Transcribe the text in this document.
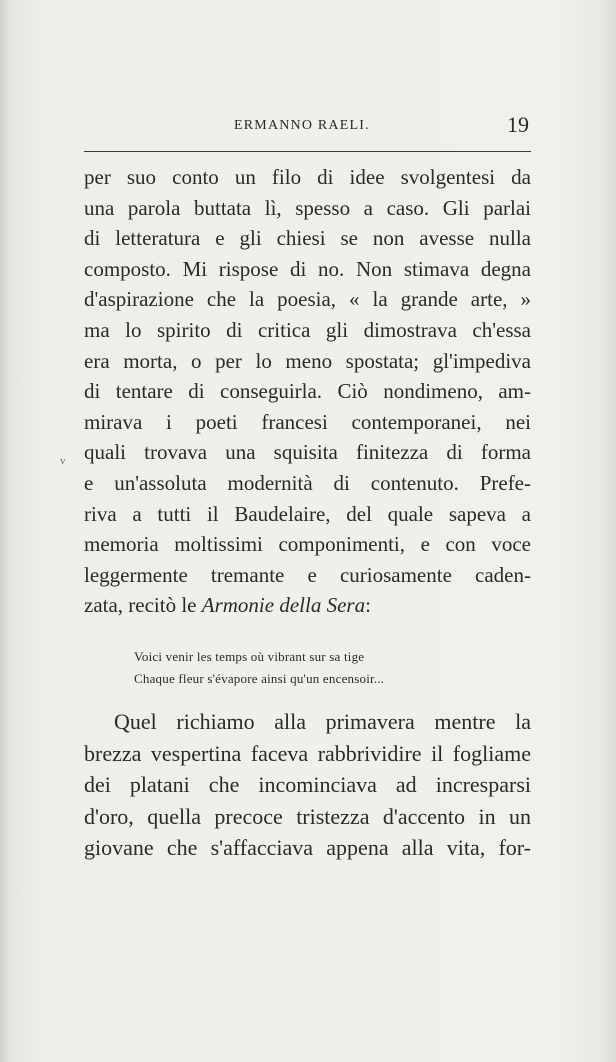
ERMANNO RAELI.	19
per suo conto un filo di idee svolgentesi da
una parola buttata lì, spesso a caso. Gli parlai
di letteratura e gli chiesi se non avesse nulla
composto. Mi rispose di no. Non stimava degna
d'aspirazione che la poesia, « la grande arte, »
ma lo spirito di critica gli dimostrava ch'essa
era morta, o per lo meno spostata; gl'impediva
di tentare di conseguirla. Ciò nondimeno, am-
mirava i poeti francesi contemporanei, nei
quali trovava una squisita finitezza di forma
e un'assoluta modernità di contenuto. Prefe-
riva a tutti il Baudelaire, del quale sapeva a
memoria moltissimi componimenti, e con voce
leggermente tremante e curiosamente caden-
zata, recitò le Armonie della Sera:
Voici venir les temps où vibrant sur sa tige
Chaque fleur s'évapore ainsi qu'un encensoir...
Quel richiamo alla primavera mentre la
brezza vespertina faceva rabbrividire il fogliame
dei platani che incominciava ad incresparsi
d'oro, quella precoce tristezza d'accento in un
giovane che s'affacciava appena alla vita, for-
v
